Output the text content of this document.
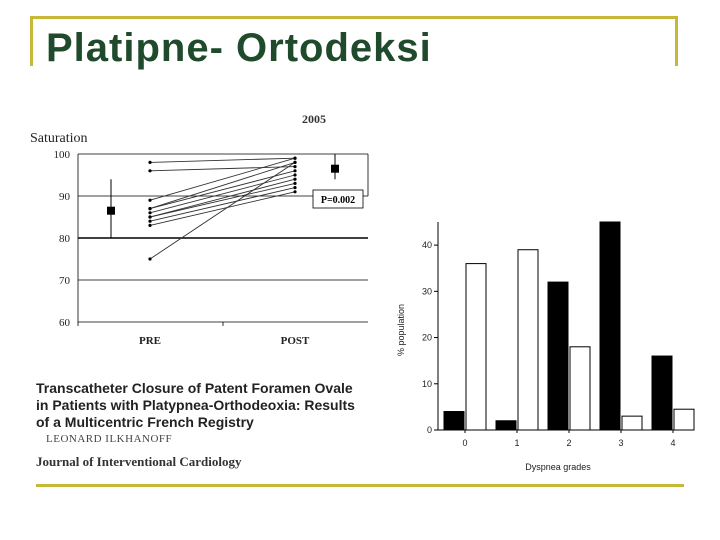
Platipne- Ortodeksi
Saturation
2005
60
70
80
90
100
PRE	POST
P=0.002
0
10
20
30
40
0	1	2	3	4
Dyspnea grades
% population
Transcatheter Closure of Patent Foramen Ovale in Patients with Platypnea-Orthodeoxia: Results of a Multicentric French Registry
LEONARD ILKHANOFF
Journal of Interventional Cardiology
